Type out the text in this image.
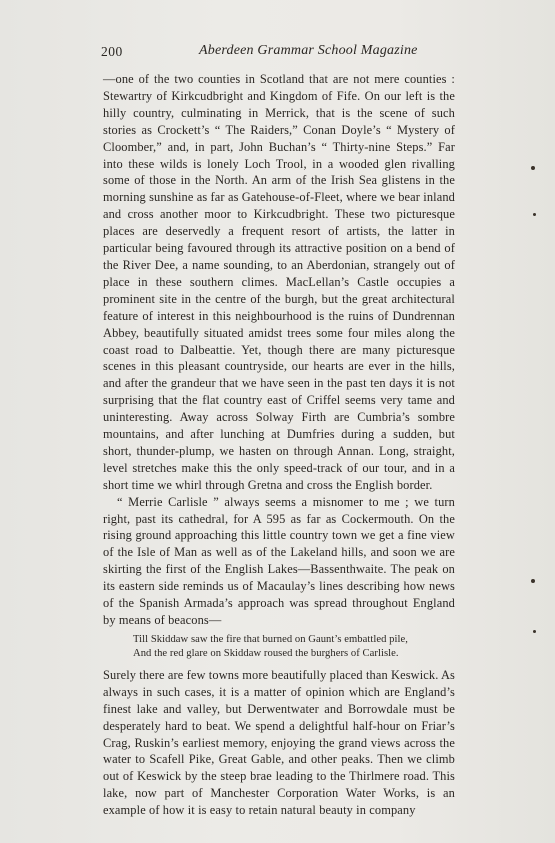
200	Aberdeen Grammar School Magazine

—one of the two counties in Scotland that are not mere counties : Stewartry of Kirkcudbright and Kingdom of Fife. On our left is the hilly country, culminating in Merrick, that is the scene of such stories as Crockett’s “ The Raiders,” Conan Doyle’s “ Mystery of Cloomber,” and, in part, John Buchan’s “ Thirty-nine Steps.” Far into these wilds is lonely Loch Trool, in a wooded glen rivalling some of those in the North. An arm of the Irish Sea glistens in the morning sunshine as far as Gatehouse-of-Fleet, where we bear inland and cross another moor to Kirkcudbright. These two picturesque places are deservedly a frequent resort of artists, the latter in particular being favoured through its attractive position on a bend of the River Dee, a name sounding, to an Aberdonian, strangely out of place in these southern climes. MacLellan’s Castle occupies a prominent site in the centre of the burgh, but the great architectural feature of interest in this neighbourhood is the ruins of Dundrennan Abbey, beautifully situated amidst trees some four miles along the coast road to Dalbeattie. Yet, though there are many picturesque scenes in this pleasant countryside, our hearts are ever in the hills, and after the grandeur that we have seen in the past ten days it is not surprising that the flat country east of Criffel seems very tame and uninteresting. Away across Solway Firth are Cumbria’s sombre mountains, and after lunching at Dumfries during a sudden, but short, thunder-plump, we hasten on through Annan. Long, straight, level stretches make this the only speed-track of our tour, and in a short time we whirl through Gretna and cross the English border.

“ Merrie Carlisle ” always seems a misnomer to me ; we turn right, past its cathedral, for A 595 as far as Cockermouth. On the rising ground approaching this little country town we get a fine view of the Isle of Man as well as of the Lakeland hills, and soon we are skirting the first of the English Lakes—Bassenthwaite. The peak on its eastern side reminds us of Macaulay’s lines describing how news of the Spanish Armada’s approach was spread throughout England by means of beacons—

Till Skiddaw saw the fire that burned on Gaunt’s embattled pile,
And the red glare on Skiddaw roused the burghers of Carlisle.

Surely there are few towns more beautifully placed than Keswick. As always in such cases, it is a matter of opinion which are England’s finest lake and valley, but Derwentwater and Borrowdale must be desperately hard to beat. We spend a delightful half-hour on Friar’s Crag, Ruskin’s earliest memory, enjoying the grand views across the water to Scafell Pike, Great Gable, and other peaks. Then we climb out of Keswick by the steep brae leading to the Thirlmere road. This lake, now part of Manchester Corporation Water Works, is an example of how it is easy to retain natural beauty in company
